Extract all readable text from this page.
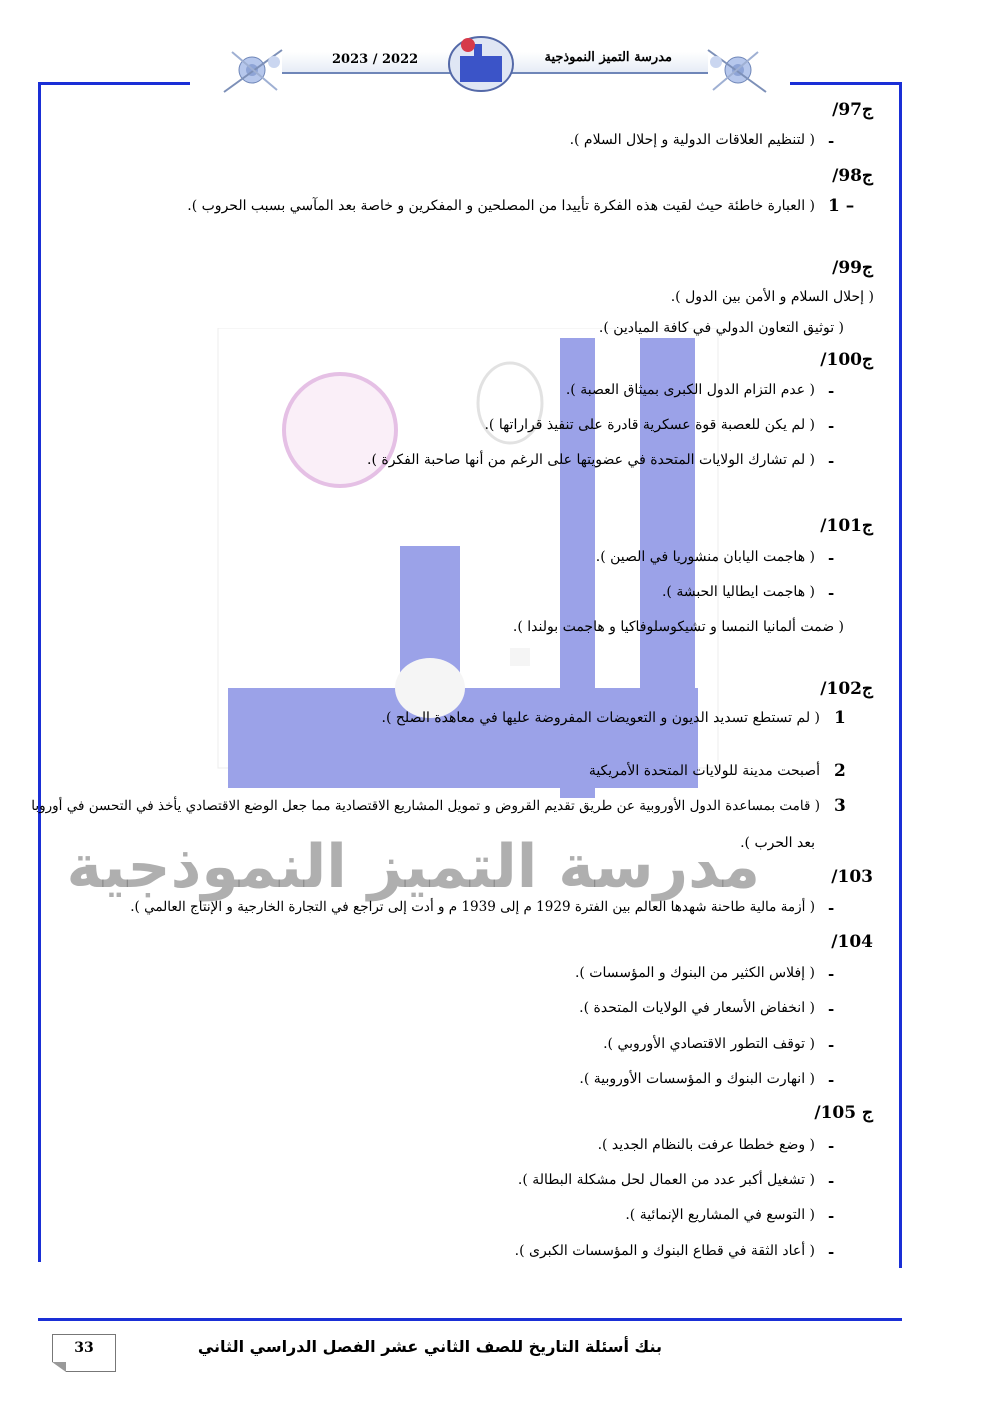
2023 / 2022	مدرسة التميز النموذجية
ج97/
-
( لتنظيم العلاقات الدولية و إحلال السلام ).
ج98/
1 –
( العبارة خاطئة حيث لقيت هذه الفكرة تأييدا من المصلحين و المفكرين و خاصة بعد المآسي بسبب الحروب ).
ج99/
( إحلال السلام و الأمن بين الدول ).
( توثيق التعاون الدولي في كافة الميادين ).
ج100/
-
( عدم التزام الدول الكبرى بميثاق العصبة ).
-
( لم يكن للعصبة قوة عسكرية قادرة على تنفيذ قراراتها ).
-
( لم تشارك الولايات المتحدة في عضويتها على الرغم من أنها صاحبة الفكرة ).
ج101/
-
( هاجمت اليابان منشوريا في الصين ).
-
( هاجمت ايطاليا الحبشة ).
( ضمت ألمانيا النمسا و تشيكوسلوفاكيا و هاجمت بولندا ).
ج102/
1
( لم تستطع تسديد الديون و التعويضات المفروضة عليها في معاهدة الصلح ).
2
أصبحت مدينة للولايات المتحدة الأمريكية
3
( قامت بمساعدة الدول الأوروبية عن طريق تقديم القروض و تمويل المشاريع الاقتصادية مما جعل الوضع الاقتصادي يأخذ في التحسن في أوروبا
بعد الحرب ).
مدرسة التميز النموذجية	103/
-
( أزمة مالية طاحنة شهدها العالم بين الفترة 1929 م إلى 1939 م و أدت إلى تراجع في التجارة الخارجية و الإنتاج العالمي ).
104/
-
( إفلاس الكثير من البنوك و المؤسسات ).
-
( انخفاض الأسعار في الولايات المتحدة ).
-
( توقف التطور الاقتصادي الأوروبي ).
-
( انهارت البنوك و المؤسسات الأوروبية ).
ج 105/
-
( وضع خططا عرفت بالنظام الجديد ).
-
( تشغيل أكبر عدد من العمال لحل مشكلة البطالة ).
-
( التوسع في المشاريع الإنمائية ).
-
( أعاد الثقة في قطاع البنوك و المؤسسات الكبرى ).
33	بنك أسئلة التاريخ للصف الثاني عشر الفصل الدراسي الثاني
